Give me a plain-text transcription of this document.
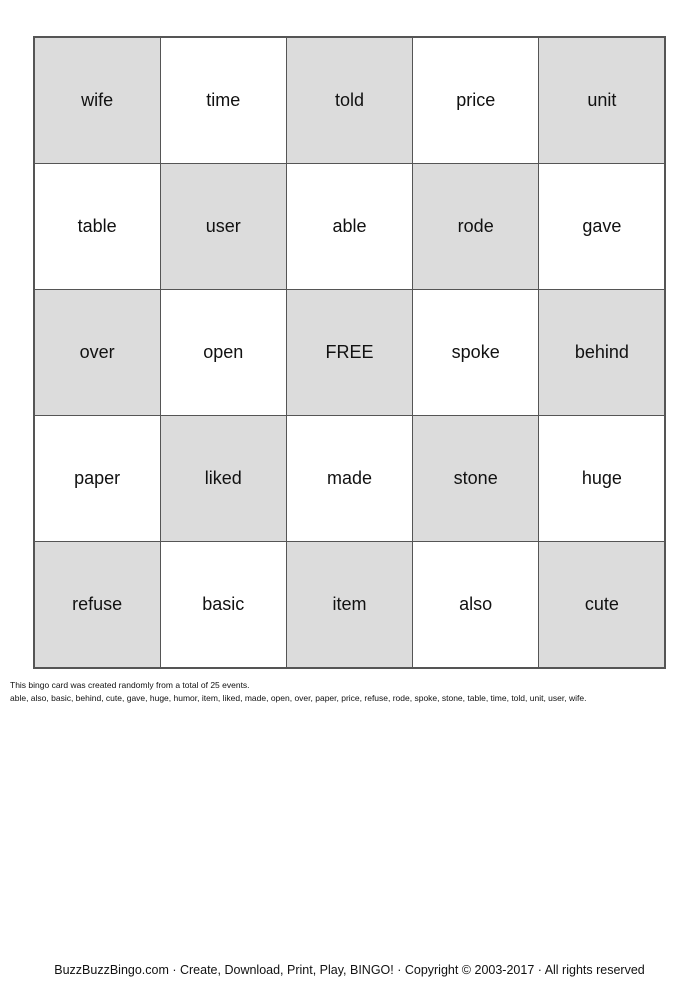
wife	time	told	price	unit
table	user	able	rode	gave
over	open	FREE	spoke	behind
paper	liked	made	stone	huge
refuse	basic	item	also	cute
This bingo card was created randomly from a total of 25 events.
able, also, basic, behind, cute, gave, huge, humor, item, liked, made, open, over, paper, price, refuse, rode, spoke, stone, table, time, told, unit, user, wife.
BuzzBuzzBingo.com · Create, Download, Print, Play, BINGO! · Copyright © 2003-2017 · All rights reserved
